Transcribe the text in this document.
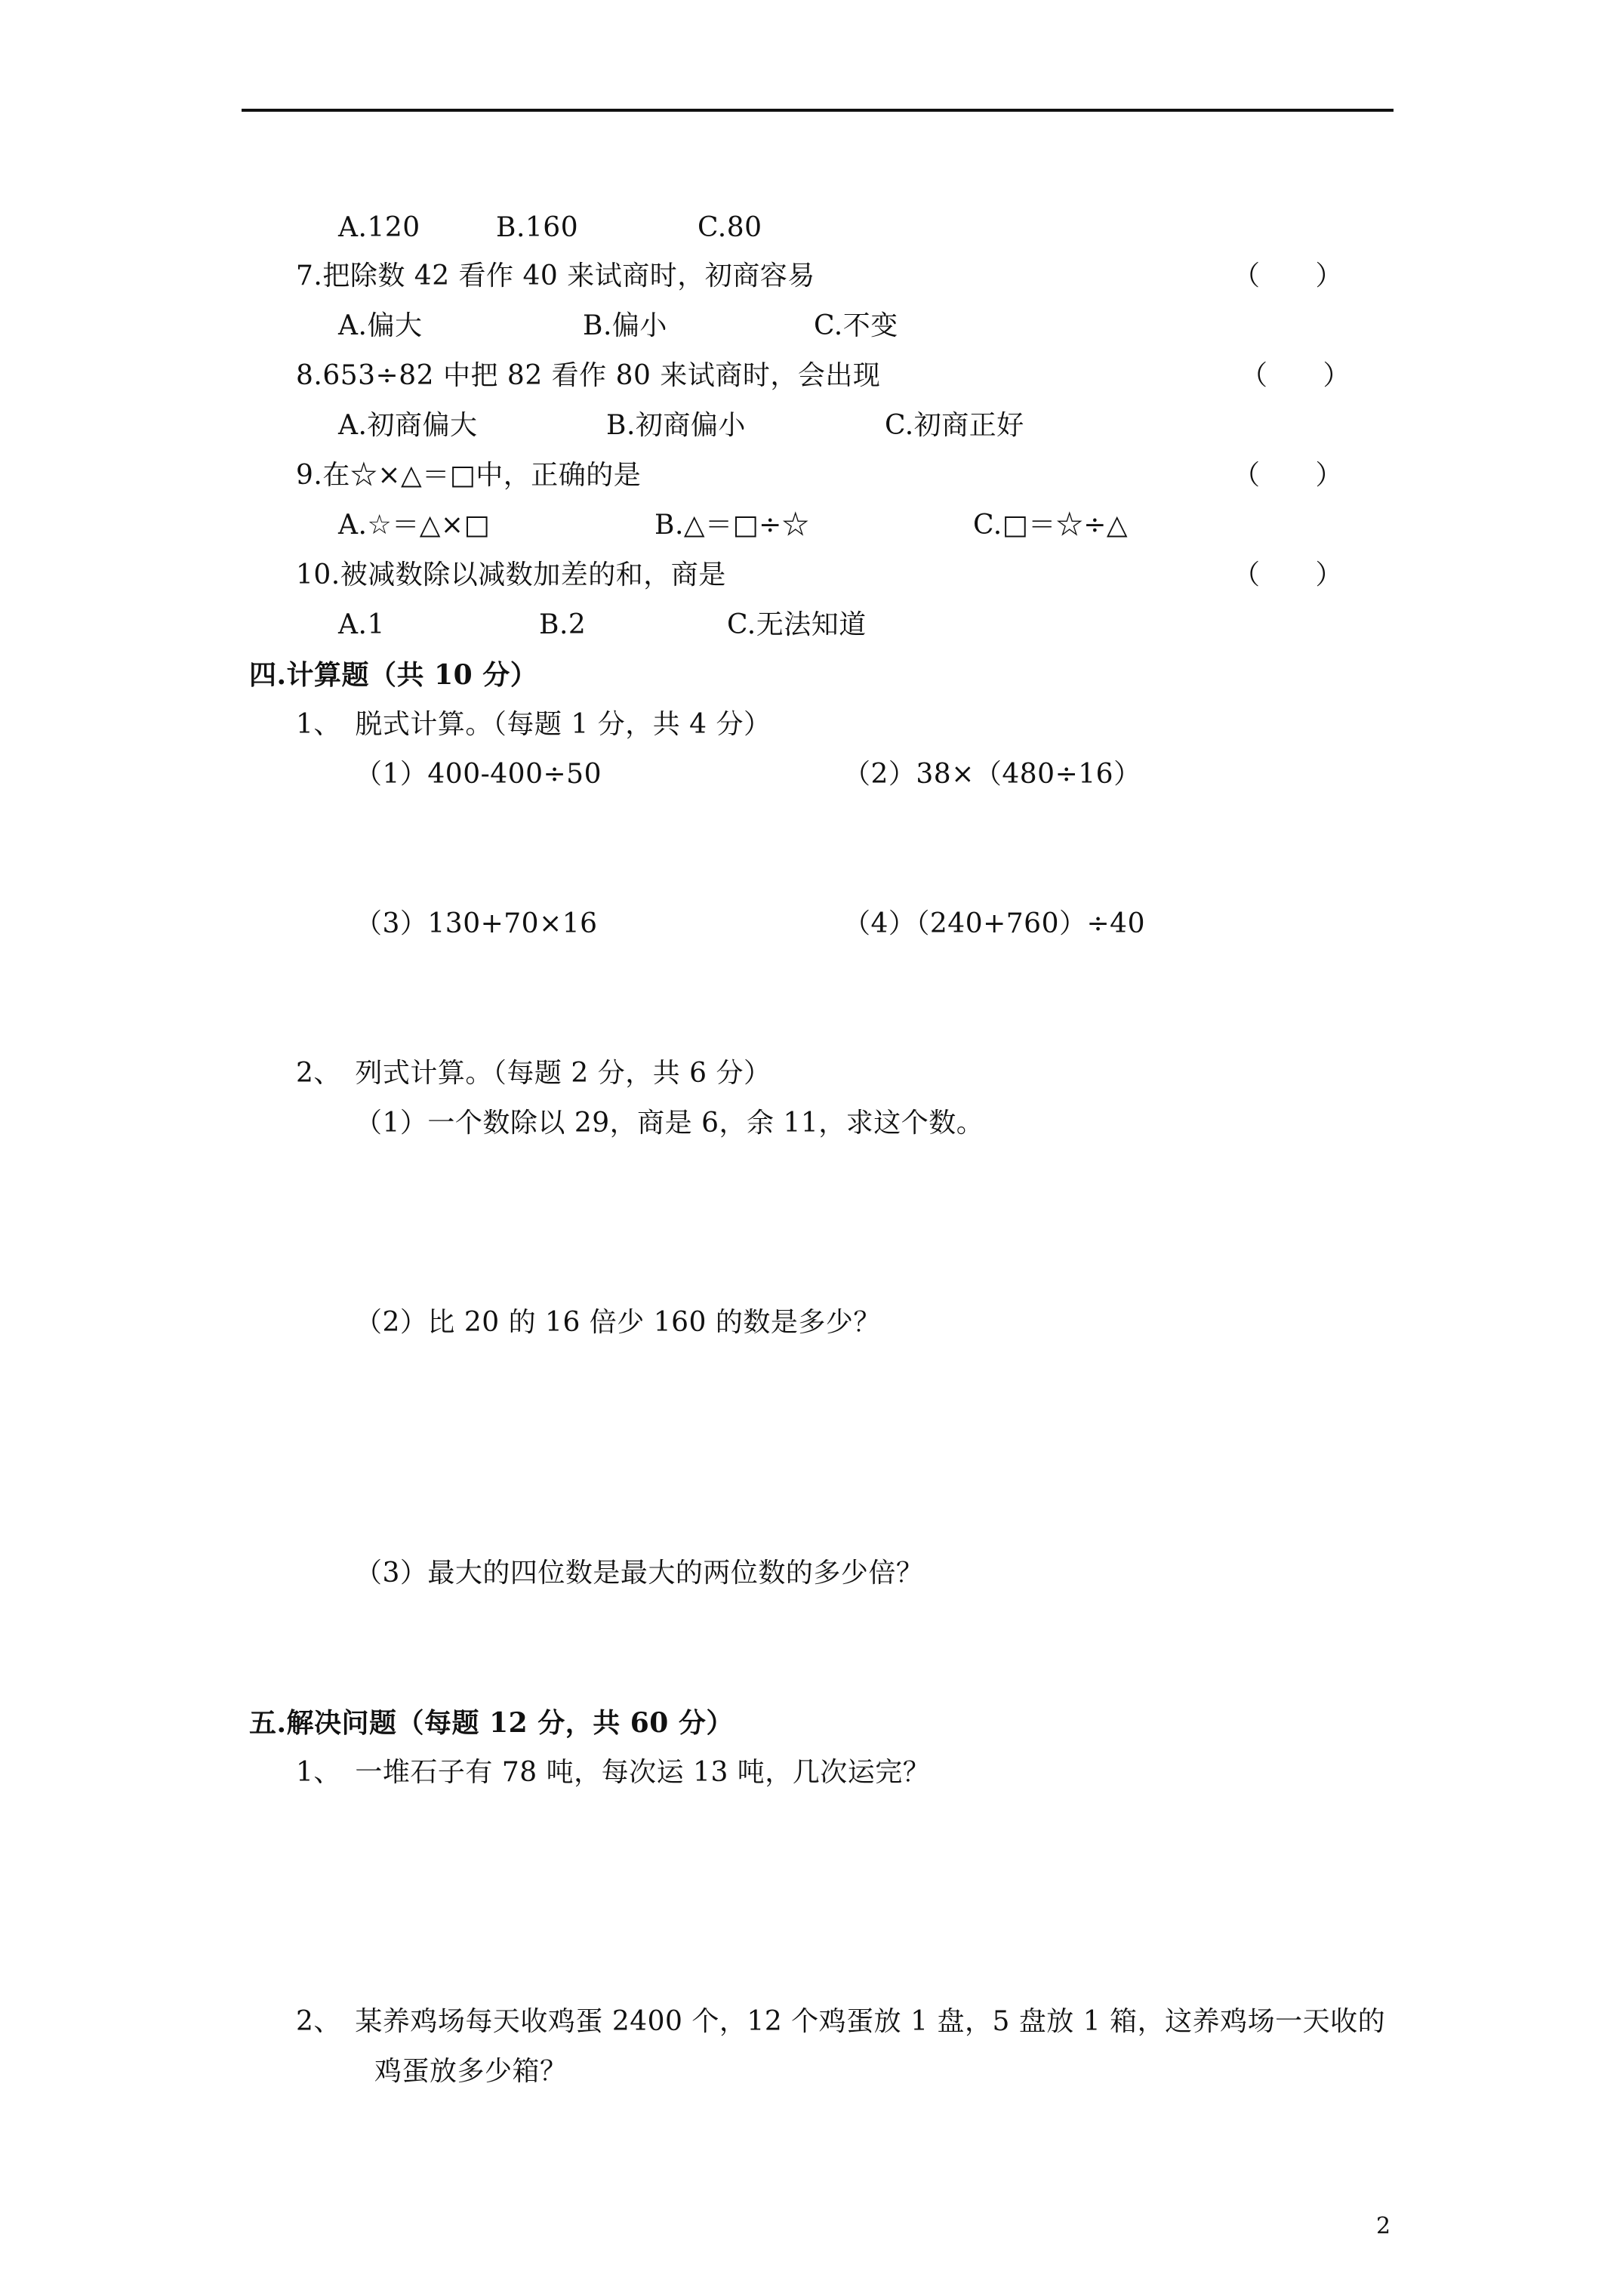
A.120	B.160	C.80
7.把除数 42 看作 40 来试商时，初商容易	（　　）
A.偏大	B.偏小	C.不变
8.653÷82 中把 82 看作 80 来试商时，会出现	（　　）
A.初商偏大	B.初商偏小	C.初商正好
9.在☆×△＝□中，正确的是	（　　）
A.☆＝△×□	B.△＝□÷☆	C.□＝☆÷△
10.被减数除以减数加差的和，商是	（　　）
A.1	B.2	C.无法知道
四.计算题（共 10 分）
1、　脱式计算。（每题 1 分，共 4 分）
（1）400-400÷50	（2）38×（480÷16）
（3）130+70×16	（4）（240+760）÷40
2、　列式计算。（每题 2 分，共 6 分）
（1）一个数除以 29，商是 6，余 11，求这个数。
（2）比 20 的 16 倍少 160 的数是多少？
（3）最大的四位数是最大的两位数的多少倍？
五.解决问题（每题 12 分，共 60 分）
1、　一堆石子有 78 吨，每次运 13 吨，几次运完？
2、　某养鸡场每天收鸡蛋 2400 个，12 个鸡蛋放 1 盘，5 盘放 1 箱，这养鸡场一天收的
鸡蛋放多少箱？
2
